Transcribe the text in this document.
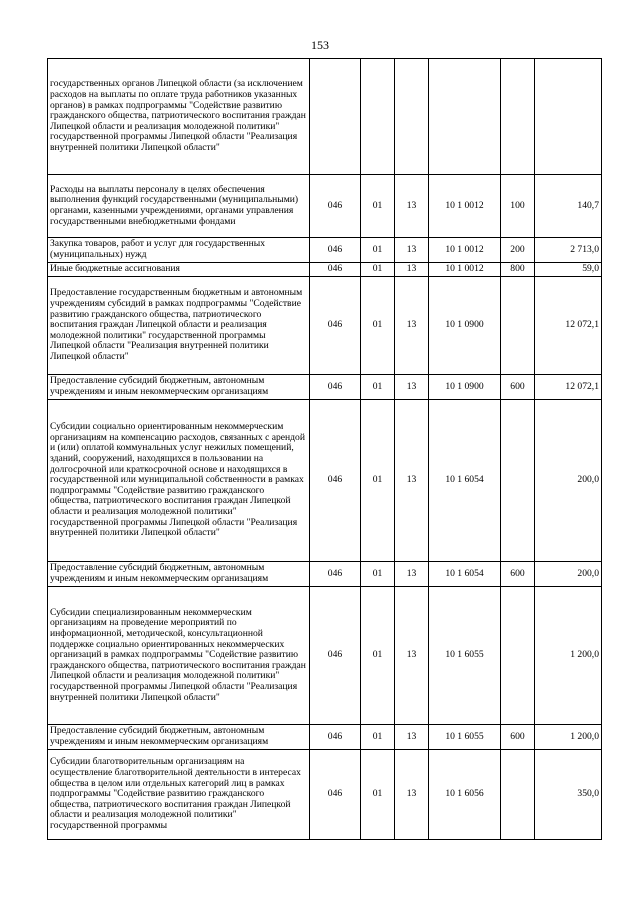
153
государственных органов Липецкой области (за исключением расходов на выплаты по оплате труда работников указанных органов) в рамках подпрограммы "Содействие развитию гражданского общества, патриотического воспитания граждан Липецкой области и реализация молодежной политики" государственной программы Липецкой области "Реализация внутренней политики Липецкой области"						
Расходы на выплаты персоналу в целях обеспечения выполнения функций государственными (муниципальными) органами, казенными учреждениями, органами управления государственными внебюджетными фондами	046	01	13	10 1 0012	100	140,7
Закупка товаров, работ и услуг для государственных (муниципальных) нужд	046	01	13	10 1 0012	200	2 713,0
Иные бюджетные ассигнования	046	01	13	10 1 0012	800	59,0
Предоставление государственным бюджетным и автономным учреждениям субсидий в рамках подпрограммы "Содействие развитию гражданского общества, патриотического воспитания граждан Липецкой области и реализация молодежной политики" государственной программы Липецкой области "Реализация внутренней политики Липецкой области"	046	01	13	10 1 0900		12 072,1
Предоставление субсидий бюджетным, автономным учреждениям и иным некоммерческим организациям	046	01	13	10 1 0900	600	12 072,1
Субсидии социально ориентированным некоммерческим организациям на компенсацию расходов, связанных с арендой и (или) оплатой коммунальных услуг нежилых помещений, зданий, сооружений, находящихся в пользовании на долгосрочной или краткосрочной основе и находящихся в государственной или муниципальной собственности в рамках подпрограммы "Содействие развитию гражданского общества, патриотического воспитания граждан Липецкой области и реализация молодежной политики" государственной программы Липецкой области "Реализация внутренней политики Липецкой области"	046	01	13	10 1 6054		200,0
Предоставление субсидий бюджетным, автономным учреждениям и иным некоммерческим организациям	046	01	13	10 1 6054	600	200,0
Субсидии специализированным некоммерческим организациям на проведение мероприятий по информационной, методической, консультационной поддержке социально ориентированных некоммерческих организаций в рамках подпрограммы "Содействие развитию гражданского общества, патриотического воспитания граждан Липецкой области и реализация молодежной политики" государственной программы Липецкой области "Реализация внутренней политики Липецкой области"	046	01	13	10 1 6055		1 200,0
Предоставление субсидий бюджетным, автономным учреждениям и иным некоммерческим организациям	046	01	13	10 1 6055	600	1 200,0
Субсидии благотворительным организациям на осуществление благотворительной деятельности в интересах общества в целом или отдельных категорий лиц в рамках подпрограммы "Содействие развитию гражданского общества, патриотического воспитания граждан Липецкой области и реализация молодежной политики" государственной программы	046	01	13	10 1 6056		350,0
